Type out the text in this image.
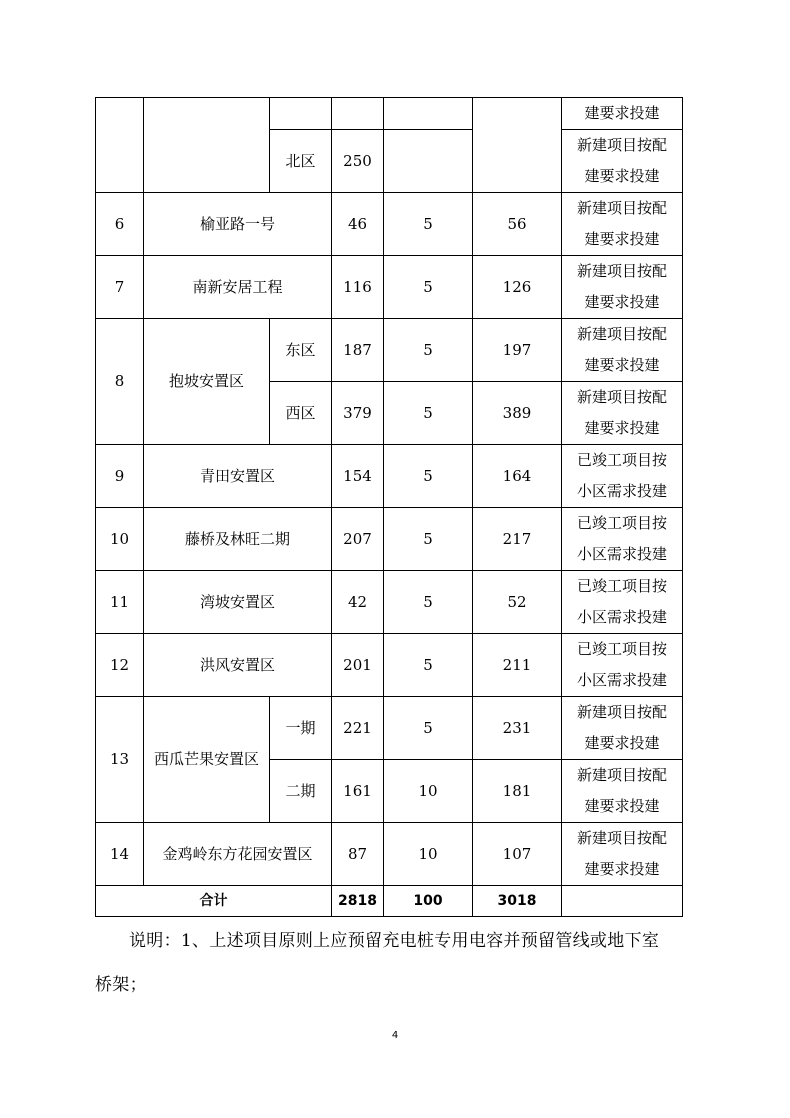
						建要求投建

		北区	250			新建项目按配
建要求投建

6	榆亚路一号		46	5	56	新建项目按配
建要求投建

7	南新安居工程		116	5	126	新建项目按配
建要求投建

8	抱坡安置区	东区	187	5	197	新建项目按配
建要求投建

		西区	379	5	389	新建项目按配
建要求投建

9	青田安置区		154	5	164	已竣工项目按
小区需求投建

10	藤桥及林旺二期		207	5	217	已竣工项目按
小区需求投建

11	湾坡安置区		42	5	52	已竣工项目按
小区需求投建

12	洪风安置区		201	5	211	已竣工项目按
小区需求投建

13	西瓜芒果安置区	一期	221	5	231	新建项目按配
建要求投建

		二期	161	10	181	新建项目按配
建要求投建

14	金鸡岭东方花园安置区		87	10	107	新建项目按配
建要求投建

合计			2818	100	3018	
说明：1、上述项目原则上应预留充电桩专用电容并预留管线或地下室
桥架；
4
